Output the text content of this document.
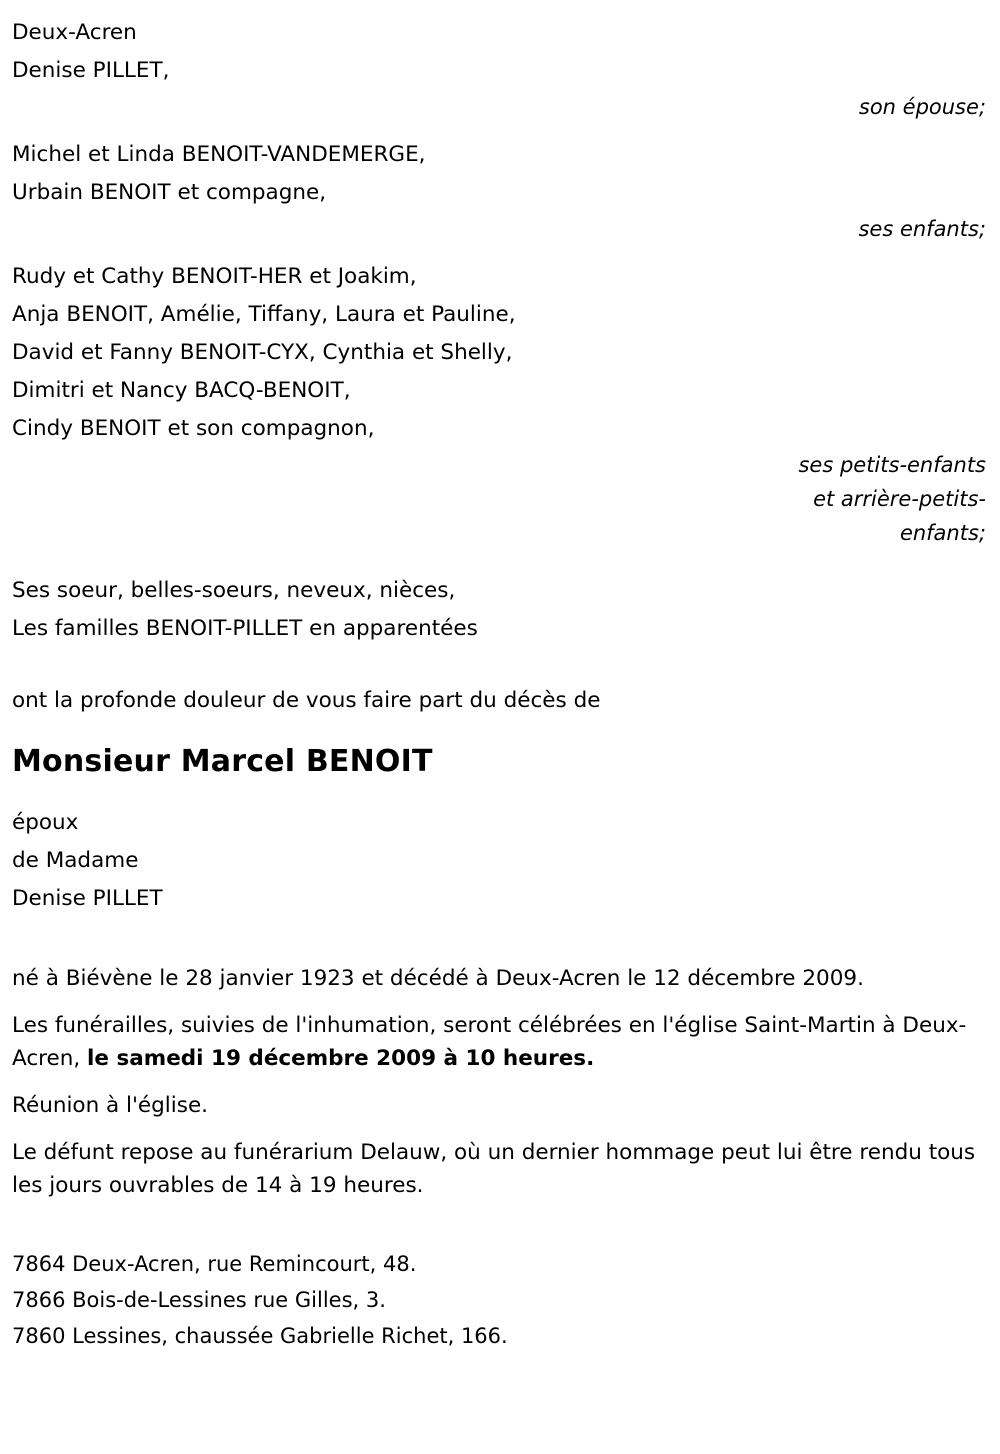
Deux-Acren
Denise PILLET,
son épouse;
Michel et Linda BENOIT-VANDEMERGE,
Urbain BENOIT et compagne,
ses enfants;
Rudy et Cathy BENOIT-HER et Joakim,
Anja BENOIT, Amélie, Tiffany, Laura et Pauline,
David et Fanny BENOIT-CYX, Cynthia et Shelly,
Dimitri et Nancy BACQ-BENOIT,
Cindy BENOIT et son compagnon,
ses petits-enfants
et arrière-petits-
enfants;
Ses soeur, belles-soeurs, neveux, nièces,
Les familles BENOIT-PILLET en apparentées
ont la profonde douleur de vous faire part du décès de
Monsieur Marcel BENOIT
époux
de Madame
Denise PILLET

né à Biévène le 28 janvier 1923 et décédé à Deux-Acren le 12 décembre 2009.

Les funérailles, suivies de l'inhumation, seront célébrées en l'église Saint-Martin à Deux-Acren, le samedi 19 décembre 2009 à 10 heures.

Réunion à l'église.

Le défunt repose au funérarium Delauw, où un dernier hommage peut lui être rendu tous les jours ouvrables de 14 à 19 heures.

7864 Deux-Acren, rue Remincourt, 48.
7866 Bois-de-Lessines rue Gilles, 3.
7860 Lessines, chaussée Gabrielle Richet, 166.
